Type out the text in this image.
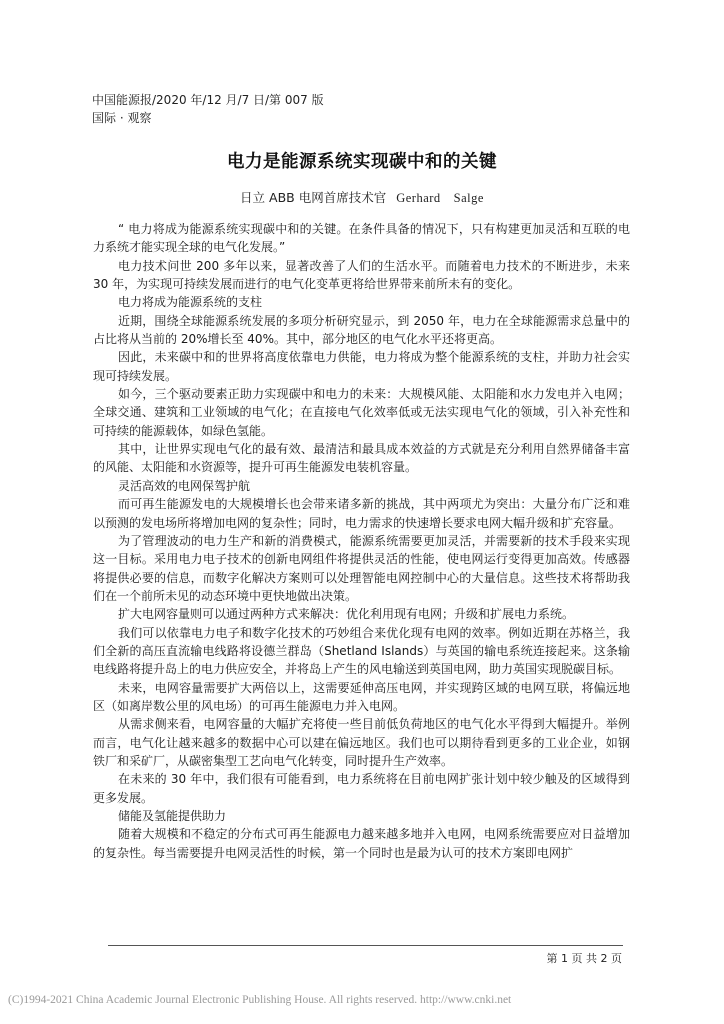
中国能源报/2020 年/12 月/7 日/第 007 版
国际 · 观察
电力是能源系统实现碳中和的关键
日立 ABB 电网首席技术官 Gerhard　Salge

“ 电力将成为能源系统实现碳中和的关键。在条件具备的情况下，只有构建更加灵活和互联的电力系统才能实现全球的电气化发展。”

电力技术问世 200 多年以来，显著改善了人们的生活水平。而随着电力技术的不断进步，未来 30 年，为实现可持续发展而进行的电气化变革更将给世界带来前所未有的变化。

电力将成为能源系统的支柱

近期，围绕全球能源系统发展的多项分析研究显示，到 2050 年，电力在全球能源需求总量中的占比将从当前的 20%增长至 40%。其中，部分地区的电气化水平还将更高。

因此，未来碳中和的世界将高度依靠电力供能，电力将成为整个能源系统的支柱，并助力社会实现可持续发展。

如今，三个驱动要素正助力实现碳中和电力的未来：大规模风能、太阳能和水力发电并入电网；全球交通、建筑和工业领域的电气化；在直接电气化效率低或无法实现电气化的领域，引入补充性和可持续的能源载体，如绿色氢能。

其中，让世界实现电气化的最有效、最清洁和最具成本效益的方式就是充分利用自然界储备丰富的风能、太阳能和水资源等，提升可再生能源发电装机容量。

灵活高效的电网保驾护航

而可再生能源发电的大规模增长也会带来诸多新的挑战，其中两项尤为突出：大量分布广泛和难以预测的发电场所将增加电网的复杂性；同时，电力需求的快速增长要求电网大幅升级和扩充容量。

为了管理波动的电力生产和新的消费模式，能源系统需要更加灵活，并需要新的技术手段来实现这一目标。采用电力电子技术的创新电网组件将提供灵活的性能，使电网运行变得更加高效。传感器将提供必要的信息，而数字化解决方案则可以处理智能电网控制中心的大量信息。这些技术将帮助我们在一个前所未见的动态环境中更快地做出决策。

扩大电网容量则可以通过两种方式来解决：优化利用现有电网；升级和扩展电力系统。

我们可以依靠电力电子和数字化技术的巧妙组合来优化现有电网的效率。例如近期在苏格兰，我们全新的高压直流输电线路将设德兰群岛（Shetland Islands）与英国的输电系统连接起来。这条输电线路将提升岛上的电力供应安全，并将岛上产生的风电输送到英国电网，助力英国实现脱碳目标。

未来，电网容量需要扩大两倍以上，这需要延伸高压电网，并实现跨区域的电网互联，将偏远地区（如离岸数公里的风电场）的可再生能源电力并入电网。

从需求侧来看，电网容量的大幅扩充将使一些目前低负荷地区的电气化水平得到大幅提升。举例而言，电气化让越来越多的数据中心可以建在偏远地区。我们也可以期待看到更多的工业企业，如钢铁厂和采矿厂，从碳密集型工艺向电气化转变，同时提升生产效率。

在未来的 30 年中，我们很有可能看到，电力系统将在目前电网扩张计划中较少触及的区域得到更多发展。

储能及氢能提供助力

随着大规模和不稳定的分布式可再生能源电力越来越多地并入电网，电网系统需要应对日益增加的复杂性。每当需要提升电网灵活性的时候，第一个同时也是最为认可的技术方案即电网扩

第 1 页 共 2 页
(C)1994-2021 China Academic Journal Electronic Publishing House. All rights reserved. http://www.cnki.net
